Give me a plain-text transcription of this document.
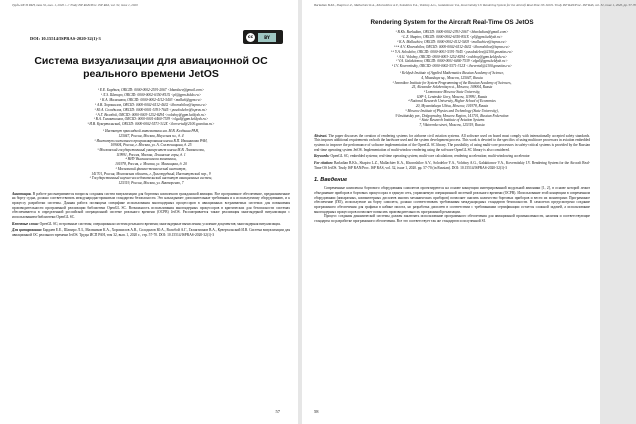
Труды ИСП РАН, том 32, вып. 1, 2020 г. // Trudy ISP RAN/Proc. ISP RAS, vol. 32, issue 1, 2020
DOI: 10.15514/ISPRAS-2020-32(1)-3	cc	BY
Система визуализации для авиационной ОС реального времени JetOS
¹ Е.Е. Бардаев, ORCID: 0000-0002-2591-2067 <bbardaev@gmail.com>
¹ Л.З. Шапиро, ORCID: 0000-0002-6350-851X <pl@gpm.kiddo.ru>
¹ К.А. Мальчиков, ORCID: 0000-0002-4112-5403 <malkek@gpm.ru>
¹ А.В. Хорошилов, ORCID: 0000-0002-6512-4632 <khoroshilov@ispras.ru>
¹ Ю.А. Солодилов, ORCID: 0000-0001-5391-7645 <yusolodelov@ispras.ru>
² А.Г. Волобой, ORCID: 0000-0003-1252-8294 <voloboy@gpm.keldysh.ru>
¹ В.А. Галактионов, ORCID: 0000-0001-6460-7539 <vlgal@gpm.keldysh.ru>
³ И.В. Кувертальский, ORCID: 0000-0002-5571-312X <ilvevertal@2100.gosniias.ru>
¹ Институт прикладной математики им. М.В. Келдыша РАН,
125047, Россия, Москва, Миусская пл., д. 4
² Институт системного программирования имени В.П. Иванникова РАН,
109004, Россия, г. Москва, ул. А. Солженицына, д. 25
³ Московский государственный университет имени М.В. Ломоносова,
119991, Россия, Москва, Ленинские горы, д. 1
⁴ НИУ Высшая школа экономики,
101978, Россия, г. Москва, ул. Мясницкая, д. 20
⁵ Московский физико-технический институт,
141701, Россия, Московская область, г. Долгопрудный, Институтский пер., 9
⁶ Государственный научно-исследовательский институт авиационных систем,
125319, Россия, Москва, ул. Викторенко, 7
Аннотация. В работе рассматриваются вопросы создания систем визуализации для бортовых комплексов гражданской авиации. Все программное обеспечение, предназначенное на борту судна, должно соответствовать международно-принятым стандартам безопасности. Это накладывает дополнительные требования и к используемому оборудованию, и к процессу разработки системы. Данная работа посвящена специфике использования многоядерных процессоров в авиационных встраиваемых системах для повышения производительности программной реализации библиотеки OpenGL SC. Возможность использования многоядерных процессоров в критических для безопасности системах обеспечивается в определенной российской операционной системе реального времени (ОСРВ) JetOS. Рассматривается также реализация многоядерной визуализации с использованием библиотеки OpenGL SC.
Ключевые слова: OpenGL SC; встроенные системы; операционная система реального времени; многоядерные вычисления; усиление документов; многоядерная визуализация.
Для цитирования: Бардаев Е.Е., Шапиро Л.З., Мальчиков К.А., Хорошилов А.В., Солодилов Ю.А., Волобой А.Г., Галактионов В.А., Кувертальский И.В. Система визуализации для авиационной ОС реального времени JetOS. Труды ИСП РАН, том 32, вып. 1, 2020 г., стр. 57-70. DOI: 10.15514/ISPRAS-2020-32(1)-3
57
Barladian B.Kh., Shapiro L.Z., Mallachiev K.A., Khoroshilov A.V., Solodelov Y.A., Voloboy A.G., Galaktionov V.A., Kovernitskiy I.V. Rendering System for the Aircraft Real-Time OS JetOS. Trudy ISP RAN/Proc. ISP RAS, vol. 32, issue 1, 2020, pp. 57-70
Rendering System for the Aircraft Real-Time OS JetOS
¹ B.Kh. Barladian, ORCID: 0000-0002-2391-2067 <bbarladian@gmail.com>
¹ L.Z. Shapiro, ORCID: 0000-0002-6350-851X <pl@gpm.keldysh.ru>
² K.A. Mallachiev, ORCID: 0000-0002-4112-5403 <mallachiev@ispras.ru>
²·³·⁴ A.V. Khoroshilov, ORCID: 0000-0002-6512-4632 <khoroshilov@ispras.ru>
²·⁶ Y.A. Solodelov, ORCID: 0000-0001-5391-7645 <yusolodelov@2100.gosniias.ru>
¹ A.G. Voloboy, ORCID: 0000-0003-1252-8294 <voloboy@gpm.keldysh.ru>
¹ V.A. Galaktionov, ORCID: 0000-0001-6460-7539 <vlgal@gpm.keldysh.ru>
⁶ I.V. Kovernitskiy, ORCID: 0000-0002-5571-312X <ilvevertal@2100.gosniias.ru>
¹ Keldysh Institute of Applied Mathematics Russian Academy of Science,
4, Miusskaya sq., Moscow, 125047, Russia
² Ivannikov Institute for System Programming of the Russian Academy of Sciences,
25, Alexander Solzhenitsyn st., Moscow, 109004, Russia
³ Lomonosov Moscow State University,
GSP-1, Leninskie Gory, Moscow, 119991, Russia
⁴ National Research University, Higher School of Economics
20, Myasnitskaya Ulitsa, Moscow, 101978, Russia
⁵ Moscow Institute of Physics and Technology (State University),
9 Institutskiy per., Dolgoprudny, Moscow Region, 141701, Russian Federation
⁶ State Research Institute of Aviation Systems
7, Viktorenko street, Moscow, 125319, Russia
Abstract. The paper discusses the creation of rendering systems for airborne civil aviation systems. All software used on board must comply with internationally accepted safety standards. This imposes additional requirements on both the hardware used and the system development process. This work is devoted to the specifics of using multicore processors in aviation embedded systems to improve the performance of software implementation of the OpenGL SC library. The possibility of using multi-core processors in safety-critical systems is provided by the Russian real-time operating system JetOS. Implementation of multi-window rendering using the software OpenGL SC library is also considered.
Keywords: OpenGL SC; embedded systems; real-time operating system; multi-core calculations; rendering acceleration; multi-windowing accelerator
For citation: Barladian B.Kh., Shapiro L.Z., Mallachiev K.A., Khoroshilov A.V., Solodelov Y.A., Voloboy A.G., Galaktionov V.A., Kovernitskiy I.V. Rendering System for the Aircraft Real-Time OS JetOS. Trudy ISP RAN/Proc. ISP RAS, vol. 32, issue 1, 2020. pp. 57-70 (in Russian). DOI: 10.15514/ISPRAS-2020-32(1)-3
1. Введение

Современные комплексы бортового оборудования самолетов проектируются на основе концепции интегрированной модульной авионики [1, 2], в основе которой лежит объединение приборов в бортовых процессорах в единую сеть, управляемую операционной системой реального времени (ОСРВ). Использование этой концепции в современном оборудовании (аппаратных, компьютерных дисплеев многих механических приборов) позволяет снизить количество бортовых приборов и вести их мониторинг. Программное обеспечение (ПО), используемое на борту самолета, должно соответствовать требованиям международных стандартов безопасности. В самолетах предусмотрено создание программного обеспечения для графики в кабине пилота, но разработка дисплеев в соответствии с требованиями сертификации остается сложной задачей, а использование многоядерных процессоров позволяет повысить производительность программной реализации.

Процесс создания динамической системы должен заключать использование программного обеспечения для авиационной промышленности, наличия и соответствующие стандарты по разработке программного обеспечения. Все это соответствует так же стандартов и полученной SI.

58
